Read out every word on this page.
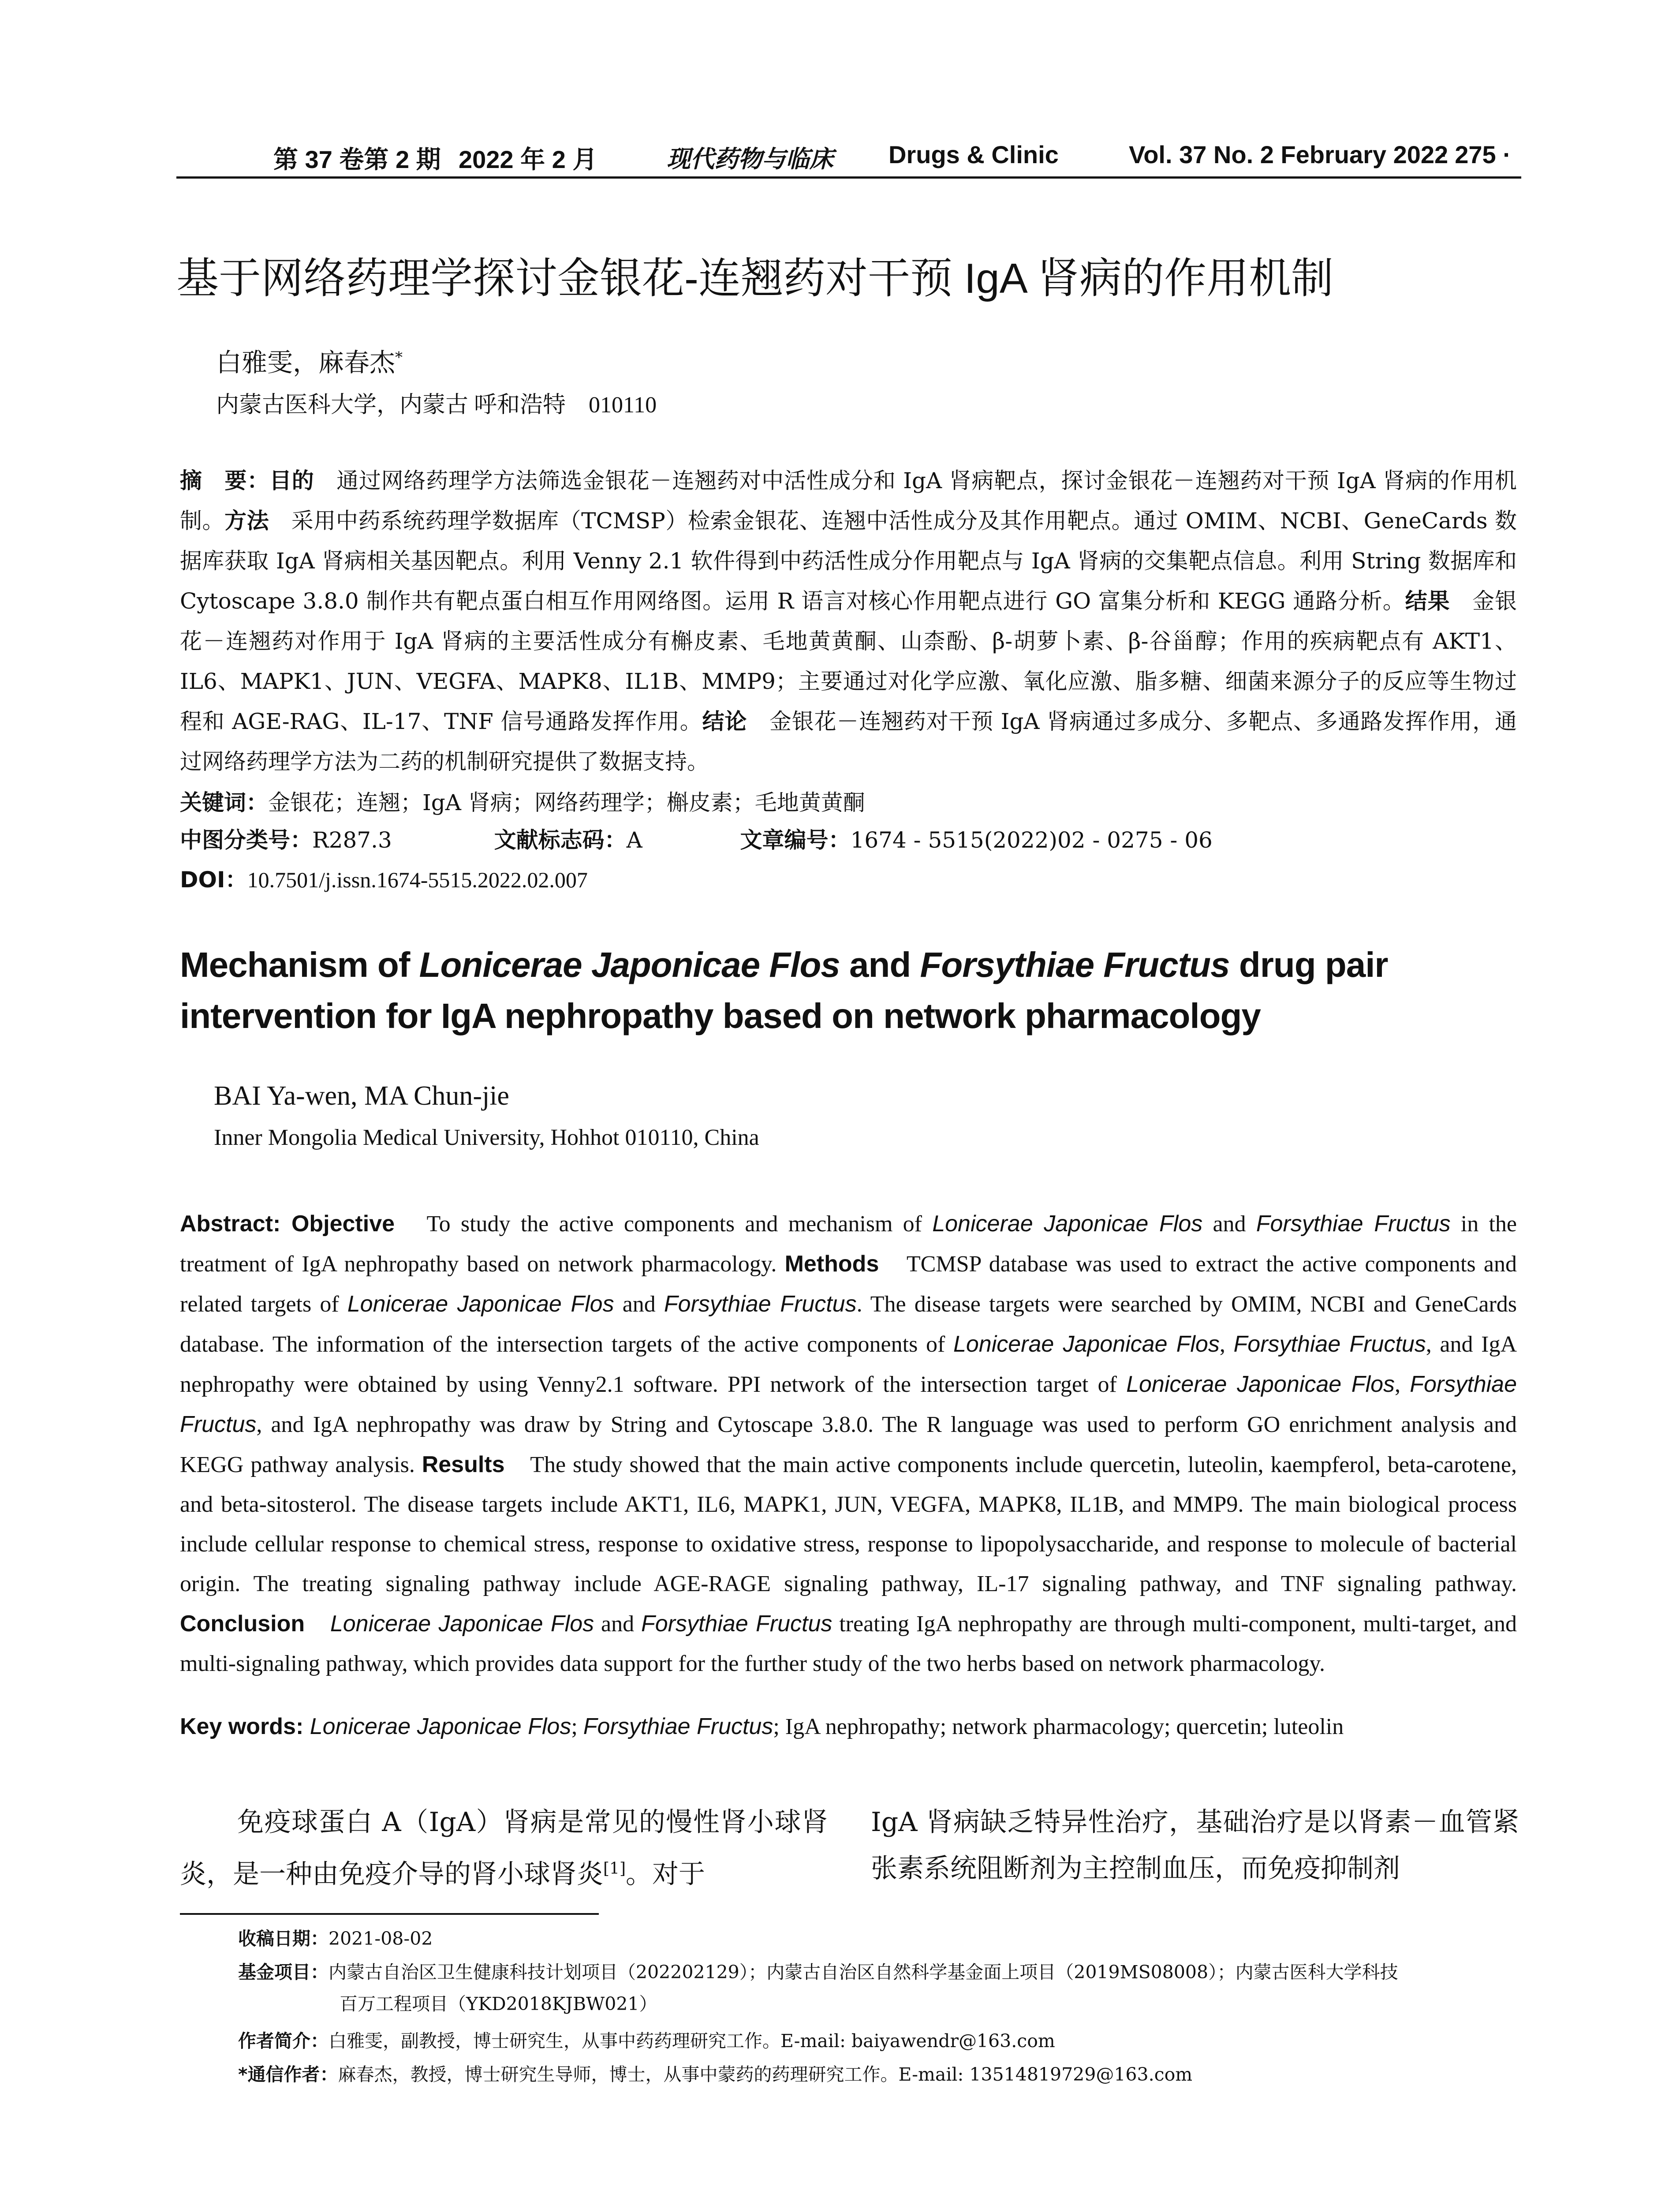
第 37 卷第 2 期 2022 年 2 月	现代药物与临床 Drugs & Clinic	Vol. 37 No. 2 February 2022
· 275 ·
基于网络药理学探讨金银花-连翘药对干预 IgA 肾病的作用机制
白雅雯，麻春杰*
内蒙古医科大学，内蒙古 呼和浩特　010110
摘　要：目的　通过网络药理学方法筛选金银花－连翘药对中活性成分和 IgA 肾病靶点，探讨金银花－连翘药对干预 IgA 肾病的作用机制。方法　采用中药系统药理学数据库（TCMSP）检索金银花、连翘中活性成分及其作用靶点。通过 OMIM、NCBI、GeneCards 数据库获取 IgA 肾病相关基因靶点。利用 Venny 2.1 软件得到中药活性成分作用靶点与 IgA 肾病的交集靶点信息。利用 String 数据库和 Cytoscape 3.8.0 制作共有靶点蛋白相互作用网络图。运用 R 语言对核心作用靶点进行 GO 富集分析和 KEGG 通路分析。结果　金银花－连翘药对作用于 IgA 肾病的主要活性成分有槲皮素、毛地黄黄酮、山柰酚、β-胡萝卜素、β-谷甾醇；作用的疾病靶点有 AKT1、IL6、MAPK1、JUN、VEGFA、MAPK8、IL1B、MMP9；主要通过对化学应激、氧化应激、脂多糖、细菌来源分子的反应等生物过程和 AGE-RAG、IL-17、TNF 信号通路发挥作用。结论　金银花－连翘药对干预 IgA 肾病通过多成分、多靶点、多通路发挥作用，通过网络药理学方法为二药的机制研究提供了数据支持。
关键词：金银花；连翘；IgA 肾病；网络药理学；槲皮素；毛地黄黄酮
中图分类号：R287.3	文献标志码：A	文章编号：1674 - 5515(2022)02 - 0275 - 06
DOI：10.7501/j.issn.1674-5515.2022.02.007
Mechanism of Lonicerae Japonicae Flos and Forsythiae Fructus drug pair intervention for IgA nephropathy based on network pharmacology
BAI Ya-wen, MA Chun-jie
Inner Mongolia Medical University, Hohhot 010110, China
Abstract: Objective　To study the active components and mechanism of Lonicerae Japonicae Flos and Forsythiae Fructus in the treatment of IgA nephropathy based on network pharmacology. Methods　TCMSP database was used to extract the active components and related targets of Lonicerae Japonicae Flos and Forsythiae Fructus. The disease targets were searched by OMIM, NCBI and GeneCards database. The information of the intersection targets of the active components of Lonicerae Japonicae Flos, Forsythiae Fructus, and IgA nephropathy were obtained by using Venny2.1 software. PPI network of the intersection target of Lonicerae Japonicae Flos, Forsythiae Fructus, and IgA nephropathy was draw by String and Cytoscape 3.8.0. The R language was used to perform GO enrichment analysis and KEGG pathway analysis. Results　The study showed that the main active components include quercetin, luteolin, kaempferol, beta-carotene, and beta-sitosterol. The disease targets include AKT1, IL6, MAPK1, JUN, VEGFA, MAPK8, IL1B, and MMP9. The main biological process include cellular response to chemical stress, response to oxidative stress, response to lipopolysaccharide, and response to molecule of bacterial origin. The treating signaling pathway include AGE-RAGE signaling pathway, IL-17 signaling pathway, and TNF signaling pathway. Conclusion　 Lonicerae Japonicae Flos and Forsythiae Fructus treating IgA nephropathy are through multi-component, multi-target, and multi-signaling pathway, which provides data support for the further study of the two herbs based on network pharmacology.
Key words: Lonicerae Japonicae Flos; Forsythiae Fructus; IgA nephropathy; network pharmacology; quercetin; luteolin
免疫球蛋白 A（IgA）肾病是常见的慢性肾小球肾炎，是一种由免疫介导的肾小球肾炎[1]。对于
IgA 肾病缺乏特异性治疗，基础治疗是以肾素－血管紧张素系统阻断剂为主控制血压，而免疫抑制剂
收稿日期：2021-08-02
基金项目：内蒙古自治区卫生健康科技计划项目（202202129）；内蒙古自治区自然科学基金面上项目（2019MS08008）；内蒙古医科大学科技
百万工程项目（YKD2018KJBW021）
作者简介：白雅雯，副教授，博士研究生，从事中药药理研究工作。E-mail: baiyawendr@163.com
*通信作者：麻春杰，教授，博士研究生导师，博士，从事中蒙药的药理研究工作。E-mail: 13514819729@163.com
